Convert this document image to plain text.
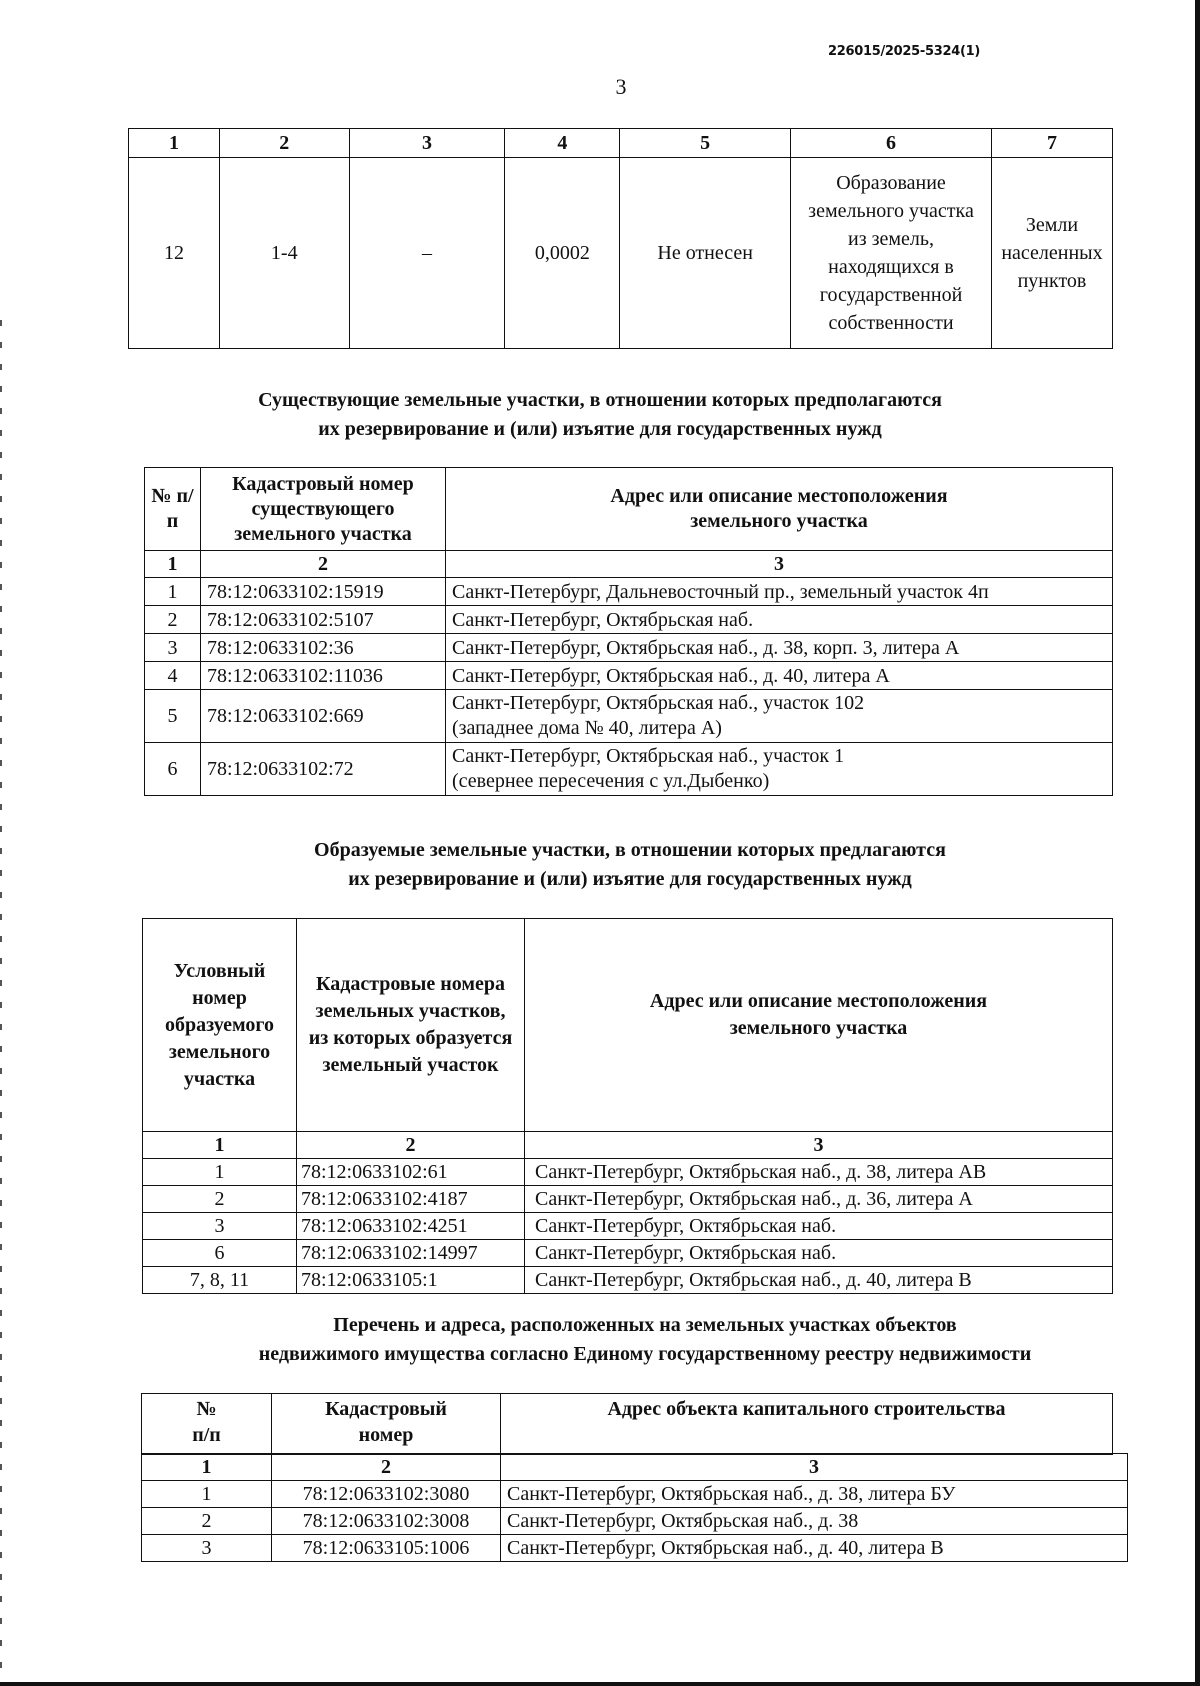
226015/2025-5324(1)
3
1	2	3	4	5	6	7
12	1-4	–	0,0002	Не отнесен	Образование земельного участка из земель, находящихся в государственной собственности	Земли населенных пунктов
Существующие земельные участки, в отношении которых предполагаются
их резервирование и (или) изъятие для государственных нужд
№ п/п	Кадастровый номер существующего земельного участка	Адрес или описание местоположения земельного участка
1	2	3
1	78:12:0633102:15919	Санкт-Петербург, Дальневосточный пр., земельный участок 4п
2	78:12:0633102:5107	Санкт-Петербург, Октябрьская наб.
3	78:12:0633102:36	Санкт-Петербург, Октябрьская наб., д. 38, корп. 3, литера А
4	78:12:0633102:11036	Санкт-Петербург, Октябрьская наб., д. 40, литера А
5	78:12:0633102:669	Санкт-Петербург, Октябрьская наб., участок 102
(западнее дома № 40, литера А)

6	78:12:0633102:72	Санкт-Петербург, Октябрьская наб., участок 1
(севернее пересечения с ул.Дыбенко)
Образуемые земельные участки, в отношении которых предлагаются
их резервирование и (или) изъятие для государственных нужд
Условный номер образуемого земельного участка	Кадастровые номера земельных участков, из которых образуется земельный участок	Адрес или описание местоположения земельного участка
1	2	3
1	78:12:0633102:61	Санкт-Петербург, Октябрьская наб., д. 38, литера АВ
2	78:12:0633102:4187	Санкт-Петербург, Октябрьская наб., д. 36, литера А
3	78:12:0633102:4251	Санкт-Петербург, Октябрьская наб.
6	78:12:0633102:14997	Санкт-Петербург, Октябрьская наб.
7, 8, 11	78:12:0633105:1	Санкт-Петербург, Октябрьская наб., д. 40, литера В
Перечень и адреса, расположенных на земельных участках объектов
недвижимого имущества согласно Единому государственному реестру недвижимости
№ п/п	Кадастровый номер	Адрес объекта капитального строительства
1	2	3
1	78:12:0633102:3080	Санкт-Петербург, Октябрьская наб., д. 38, литера БУ
2	78:12:0633102:3008	Санкт-Петербург, Октябрьская наб., д. 38
3	78:12:0633105:1006	Санкт-Петербург, Октябрьская наб., д. 40, литера В
